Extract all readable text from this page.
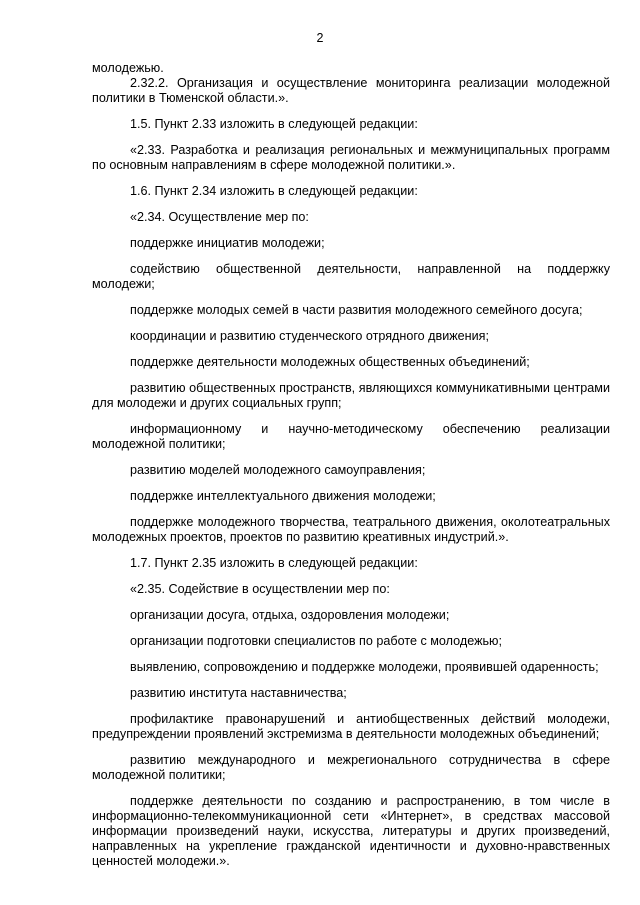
2

молодежью.

2.32.2. Организация и осуществление мониторинга реализации молодежной политики в Тюменской области.».

1.5. Пункт 2.33 изложить в следующей редакции:

«2.33. Разработка и реализация региональных и межмуниципальных программ по основным направлениям в сфере молодежной политики.».

1.6. Пункт 2.34 изложить в следующей редакции:

«2.34. Осуществление мер по:

поддержке инициатив молодежи;

содействию общественной деятельности, направленной на поддержку молодежи;

поддержке молодых семей в части развития молодежного семейного досуга;

координации и развитию студенческого отрядного движения;

поддержке деятельности молодежных общественных объединений;

развитию общественных пространств, являющихся коммуникативными центрами для молодежи и других социальных групп;

информационному и научно-методическому обеспечению реализации молодежной политики;

развитию моделей молодежного самоуправления;

поддержке интеллектуального движения молодежи;

поддержке молодежного творчества, театрального движения, околотеатральных молодежных проектов, проектов по развитию креативных индустрий.».

1.7. Пункт 2.35 изложить в следующей редакции:

«2.35. Содействие в осуществлении мер по:

организации досуга, отдыха, оздоровления молодежи;

организации подготовки специалистов по работе с молодежью;

выявлению, сопровождению и поддержке молодежи, проявившей одаренность;

развитию института наставничества;

профилактике правонарушений и антиобщественных действий молодежи, предупреждении проявлений экстремизма в деятельности молодежных объединений;

развитию международного и межрегионального сотрудничества в сфере молодежной политики;

поддержке деятельности по созданию и распространению, в том числе в информационно-телекоммуникационной сети «Интернет», в средствах массовой информации произведений науки, искусства, литературы и других произведений, направленных на укрепление гражданской идентичности и духовно-нравственных ценностей молодежи.».
